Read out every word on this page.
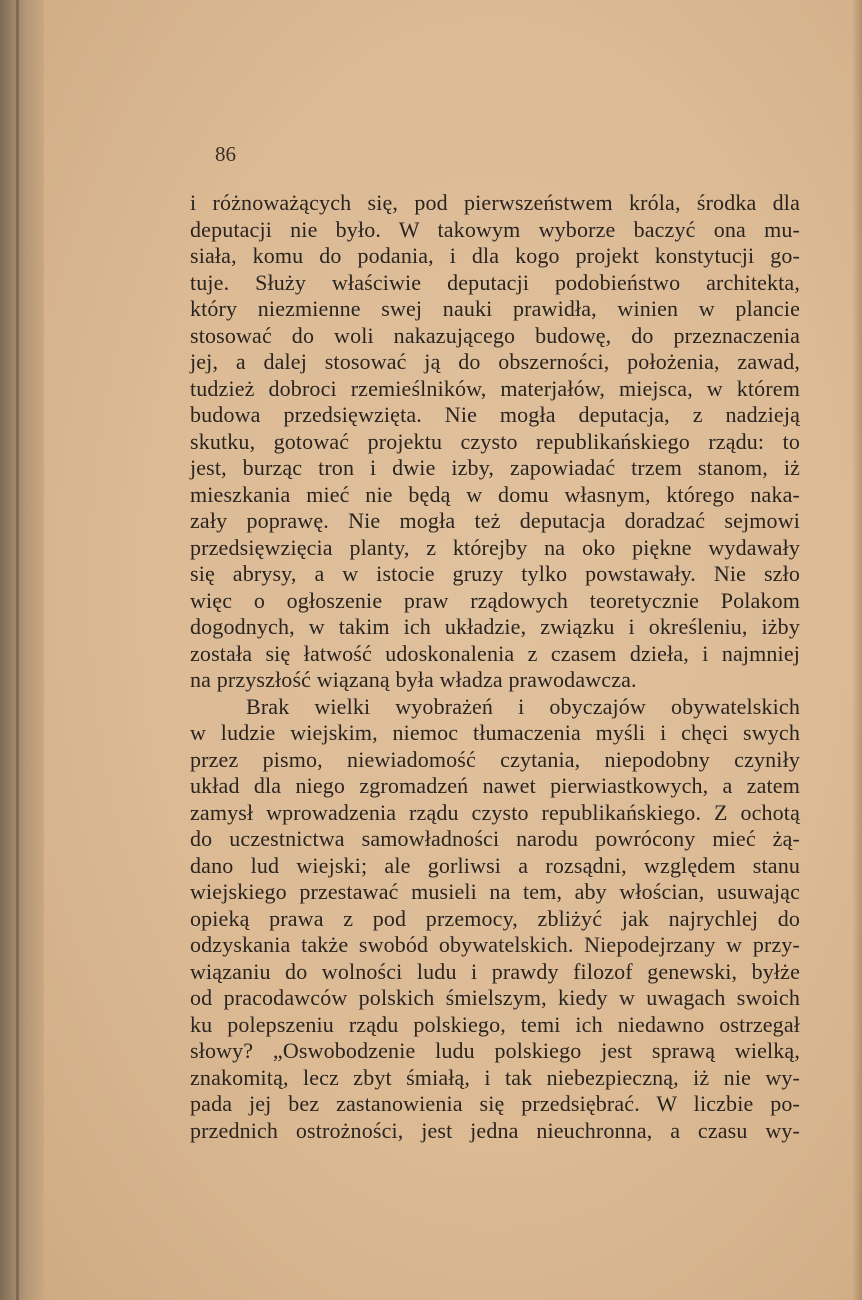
86
i różnoważących się, pod pierwszeństwem króla, środka dla
deputacji nie było. W takowym wyborze baczyć ona mu-
siała, komu do podania, i dla kogo projekt konstytucji go-
tuje. Służy właściwie deputacji podobieństwo architekta,
który niezmienne swej nauki prawidła, winien w plancie
stosować do woli nakazującego budowę, do przeznaczenia
jej, a dalej stosować ją do obszerności, położenia, zawad,
tudzież dobroci rzemieślników, materjałów, miejsca, w którem
budowa przedsięwzięta. Nie mogła deputacja, z nadzieją
skutku, gotować projektu czysto republikańskiego rządu: to
jest, burząc tron i dwie izby, zapowiadać trzem stanom, iż
mieszkania mieć nie będą w domu własnym, którego naka-
zały poprawę. Nie mogła też deputacja doradzać sejmowi
przedsięwzięcia planty, z którejby na oko piękne wydawały
się abrysy, a w istocie gruzy tylko powstawały. Nie szło
więc o ogłoszenie praw rządowych teoretycznie Polakom
dogodnych, w takim ich układzie, związku i określeniu, iżby
została się łatwość udoskonalenia z czasem dzieła, i najmniej
na przyszłość wiązaną była władza prawodawcza.
Brak wielki wyobrażeń i obyczajów obywatelskich
w ludzie wiejskim, niemoc tłumaczenia myśli i chęci swych
przez pismo, niewiadomość czytania, niepodobny czyniły
układ dla niego zgromadzeń nawet pierwiastkowych, a zatem
zamysł wprowadzenia rządu czysto republikańskiego. Z ochotą
do uczestnictwa samowładności narodu powrócony mieć żą-
dano lud wiejski; ale gorliwsi a rozsądni, względem stanu
wiejskiego przestawać musieli na tem, aby włościan, usuwając
opieką prawa z pod przemocy, zbliżyć jak najrychlej do
odzyskania także swobód obywatelskich. Niepodejrzany w przy-
wiązaniu do wolności ludu i prawdy filozof genewski, byłże
od pracodawców polskich śmielszym, kiedy w uwagach swoich
ku polepszeniu rządu polskiego, temi ich niedawno ostrzegał
słowy? „Oswobodzenie ludu polskiego jest sprawą wielką,
znakomitą, lecz zbyt śmiałą, i tak niebezpieczną, iż nie wy-
pada jej bez zastanowienia się przedsiębrać. W liczbie po-
przednich ostrożności, jest jedna nieuchronna, a czasu wy-
